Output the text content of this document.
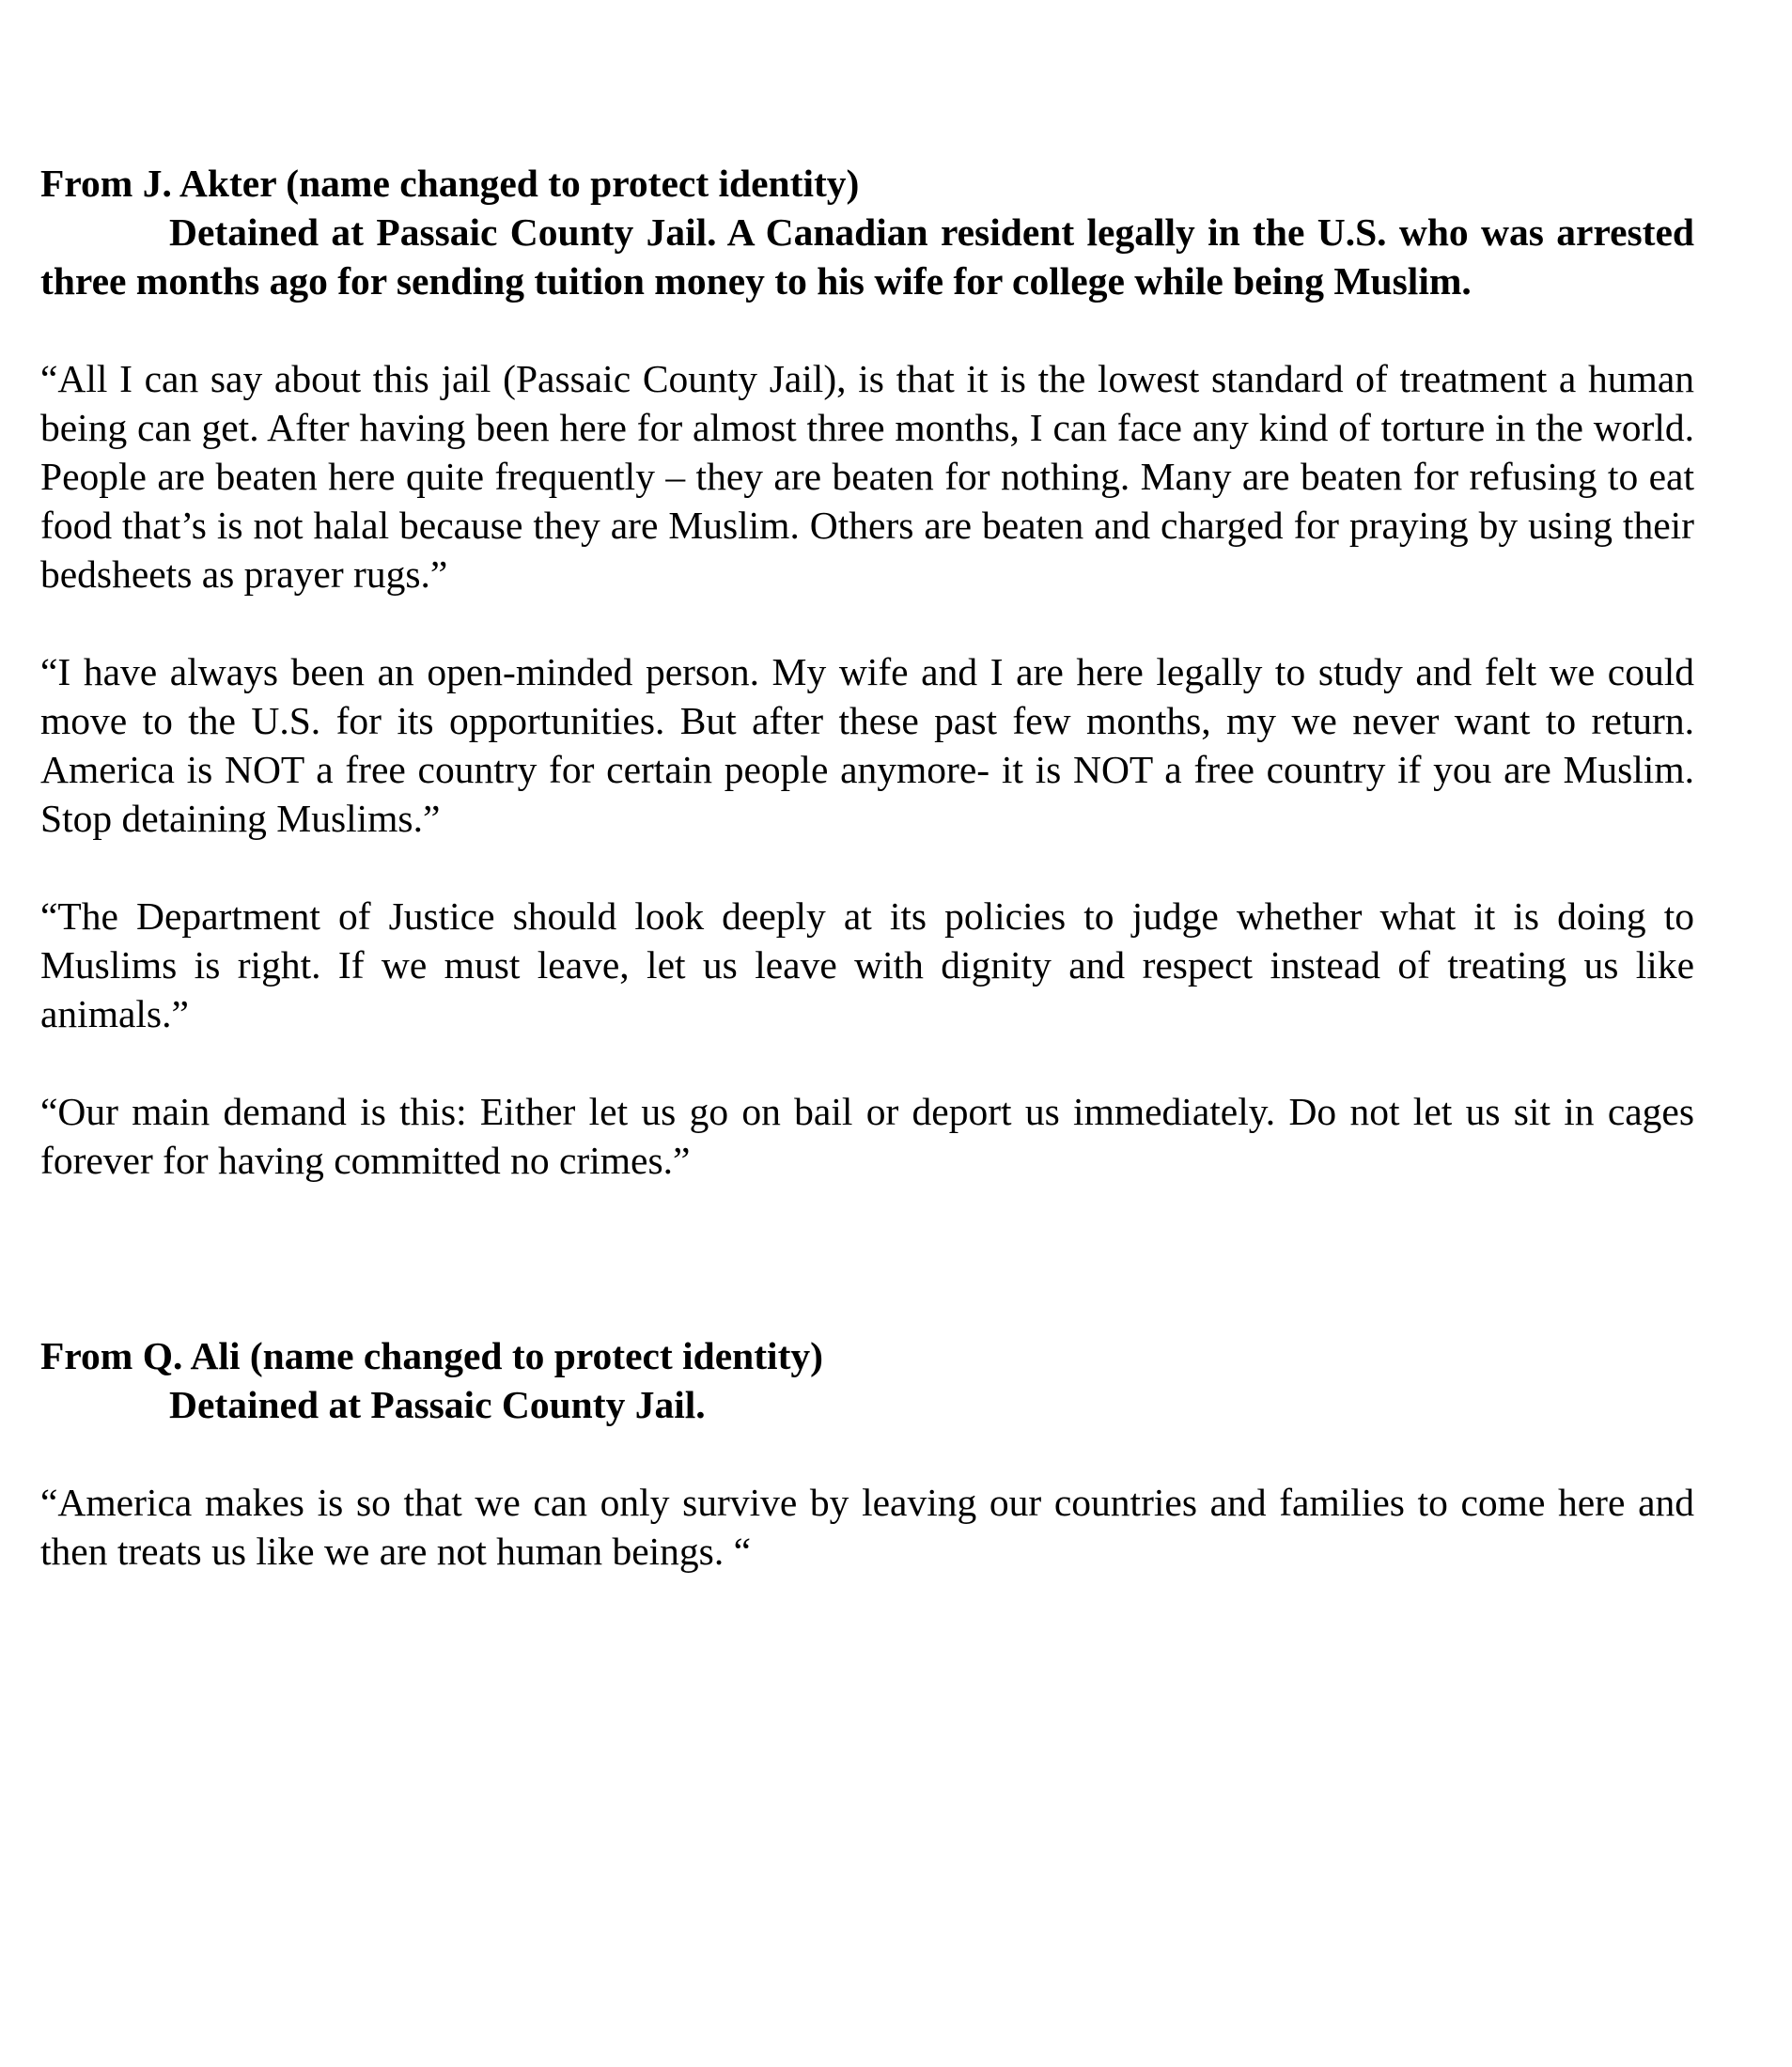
From J. Akter (name changed to protect identity)
Detained at Passaic County Jail. A Canadian resident legally in the U.S. who was arrested three months ago for sending tuition money to his wife for college while being Muslim.

“All I can say about this jail (Passaic County Jail), is that it is the lowest standard of treatment a human being can get. After having been here for almost three months, I can face any kind of torture in the world. People are beaten here quite frequently – they are beaten for nothing. Many are beaten for refusing to eat food that’s is not halal because they are Muslim. Others are beaten and charged for praying by using their bedsheets as prayer rugs.”

“I have always been an open-minded person. My wife and I are here legally to study and felt we could move to the U.S. for its opportunities. But after these past few months, my we never want to return. America is NOT a free country for certain people anymore- it is NOT a free country if you are Muslim. Stop detaining Muslims.”

“The Department of Justice should look deeply at its policies to judge whether what it is doing to Muslims is right. If we must leave, let us leave with dignity and respect instead of treating us like animals.”

“Our main demand is this: Either let us go on bail or deport us immediately. Do not let us sit in cages forever for having committed no crimes.”

From Q. Ali (name changed to protect identity)
Detained at Passaic County Jail.

“America makes is so that we can only survive by leaving our countries and families to come here and then treats us like we are not human beings. “
